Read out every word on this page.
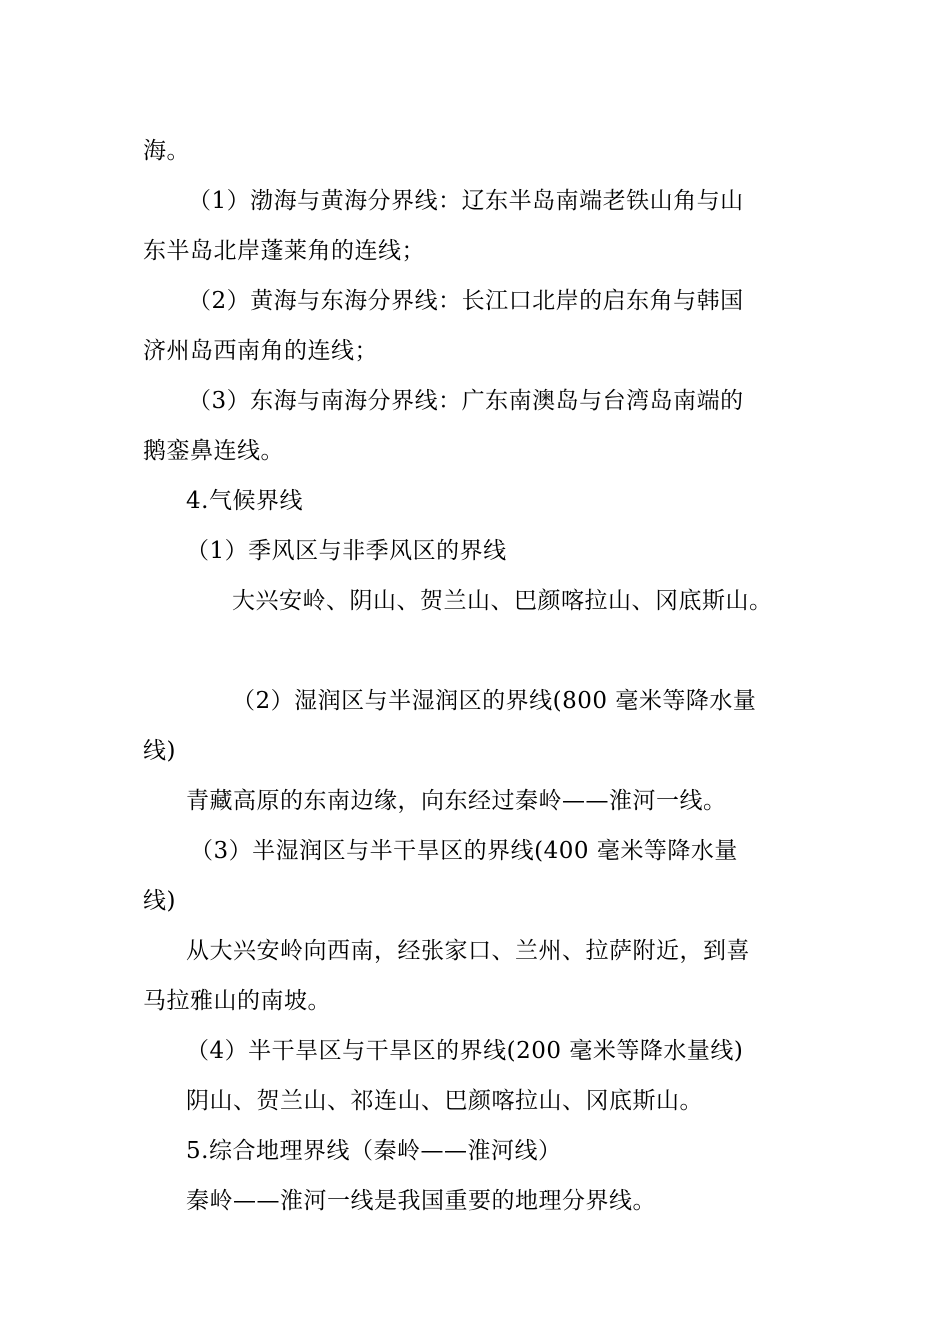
海。
（1）渤海与黄海分界线：辽东半岛南端老铁山角与山
东半岛北岸蓬莱角的连线；
（2）黄海与东海分界线：长江口北岸的启东角与韩国
济州岛西南角的连线；
（3）东海与南海分界线：广东南澳岛与台湾岛南端的
鹅銮鼻连线。
4.气候界线
（1）季风区与非季风区的界线
大兴安岭、阴山、贺兰山、巴颜喀拉山、冈底斯山。
（2）湿润区与半湿润区的界线(800 毫米等降水量
线)
青藏高原的东南边缘，向东经过秦岭——淮河一线。
（3）半湿润区与半干旱区的界线(400 毫米等降水量
线)
从大兴安岭向西南，经张家口、兰州、拉萨附近，到喜
马拉雅山的南坡。
（4）半干旱区与干旱区的界线(200 毫米等降水量线)
阴山、贺兰山、祁连山、巴颜喀拉山、冈底斯山。
5.综合地理界线（秦岭——淮河线）
秦岭——淮河一线是我国重要的地理分界线。
